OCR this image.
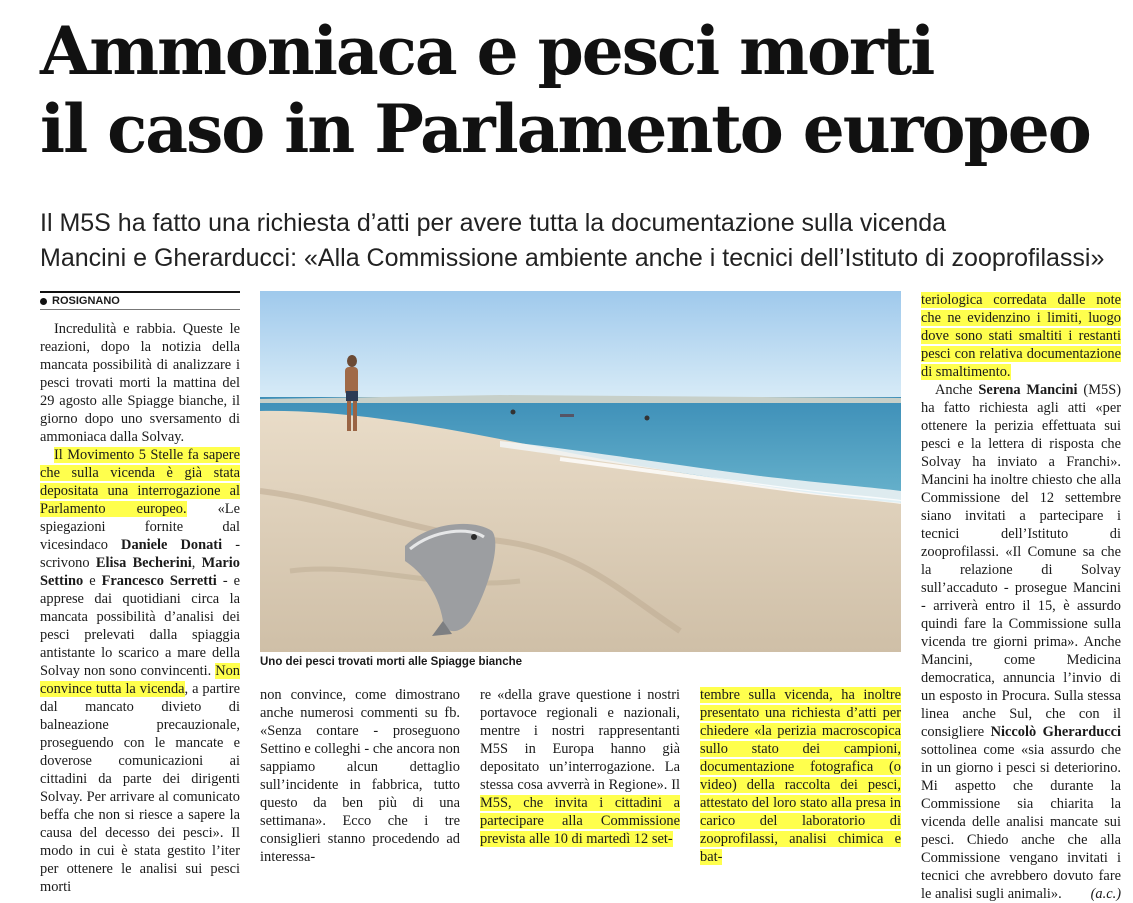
Ammoniaca e pesci morti
il caso in Parlamento europeo
Il M5S ha fatto una richiesta d’atti per avere tutta la documentazione sulla vicenda
Mancini e Gherarducci: «Alla Commissione ambiente anche i tecnici dell’Istituto di zooprofilassi»
ROSIGNANO

Incredulità e rabbia. Queste le reazioni, dopo la notizia della mancata possibilità di analizzare i pesci trovati morti la mattina del 29 agosto alle Spiagge bianche, il giorno dopo uno sversamento di ammoniaca dalla Solvay.

Il Movimento 5 Stelle fa sapere che sulla vicenda è già stata depositata una interrogazione al Parlamento europeo. «Le spiegazioni fornite dal vicesindaco Daniele Donati - scrivono Elisa Becherini, Mario Settino e Francesco Serretti - e apprese dai quotidiani circa la mancata possibilità d’analisi dei pesci prelevati dalla spiaggia antistante lo scarico a mare della Solvay non sono convincenti. Non convince tutta la vicenda, a partire dal mancato divieto di balneazione precauzionale, proseguendo con le mancate e doverose comunicazioni ai cittadini da parte dei dirigenti Solvay. Per arrivare al comunicato beffa che non si riesce a sapere la causa del decesso dei pesci». Il modo in cui è stata gestito l’iter per ottenere le analisi sui pesci morti

Uno dei pesci trovati morti alle Spiagge bianche

non convince, come dimostrano anche numerosi commenti su fb. «Senza contare - proseguono Settino e colleghi - che ancora non sappiamo alcun dettaglio sull’incidente in fabbrica, tutto questo da ben più di una settimana». Ecco che i tre consiglieri stanno procedendo ad interessa-

re «della grave questione i nostri portavoce regionali e nazionali, mentre i nostri rappresentanti M5S in Europa hanno già depositato un’interrogazione. La stessa cosa avverrà in Regione». Il M5S, che invita i cittadini a partecipare alla Commissione prevista alle 10 di martedì 12 set-

tembre sulla vicenda, ha inoltre presentato una richiesta d’atti per chiedere «la perizia macroscopica sullo stato dei campioni, documentazione fotografica (o video) della raccolta dei pesci, attestato del loro stato alla presa in carico del laboratorio di zooprofilassi, analisi chimica e bat-

teriologica corredata dalle note che ne evidenzino i limiti, luogo dove sono stati smaltiti i restanti pesci con relativa documentazione di smaltimento.

Anche Serena Mancini (M5S) ha fatto richiesta agli atti «per ottenere la perizia effettuata sui pesci e la lettera di risposta che Solvay ha inviato a Franchi». Mancini ha inoltre chiesto che alla Commissione del 12 settembre siano invitati a partecipare i tecnici dell’Istituto di zooprofilassi. «Il Comune sa che la relazione di Solvay sull’accaduto - prosegue Mancini - arriverà entro il 15, è assurdo quindi fare la Commissione sulla vicenda tre giorni prima». Anche Mancini, come Medicina democratica, annuncia l’invio di un esposto in Procura. Sulla stessa linea anche Sul, che con il consigliere Niccolò Gherarducci sottolinea come «sia assurdo che in un giorno i pesci si deteriorino. Mi aspetto che durante la Commissione sia chiarita la vicenda delle analisi mancate sui pesci. Chiedo anche che alla Commissione vengano invitati i tecnici che avrebbero dovuto fare le analisi sugli animali».	(a.c.)
